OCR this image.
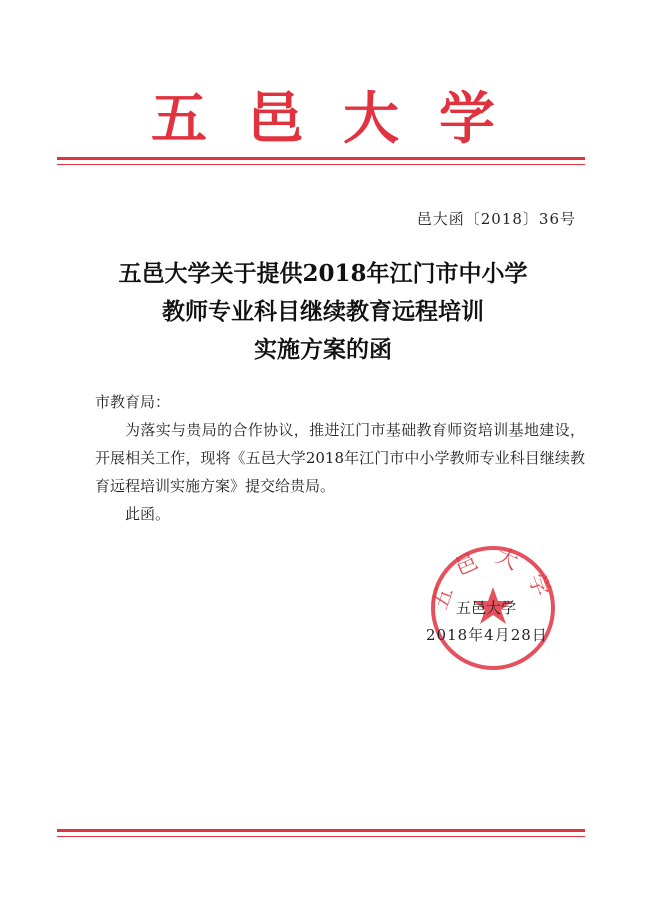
五邑大学
邑大函〔2018〕36号
五邑大学关于提供2018年江门市中小学
教师专业科目继续教育远程培训
实施方案的函

市教育局：

为落实与贵局的合作协议，推进江门市基础教育师资培训基地建设，开展相关工作，现将《五邑大学2018年江门市中小学教师专业科目继续教育远程培训实施方案》提交给贵局。

此函。

五邑大学
五邑大学
2018年4月28日
